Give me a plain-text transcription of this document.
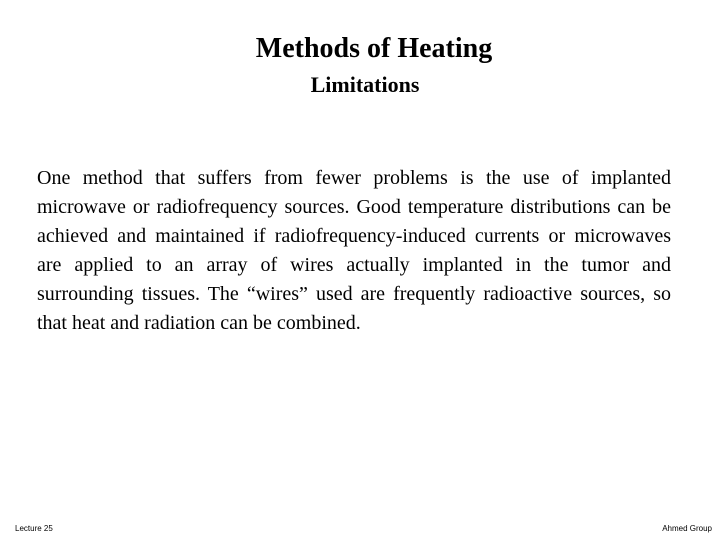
Methods of Heating
Limitations
One method that suffers from fewer problems is the use of implanted microwave or radiofrequency sources. Good temperature distributions can be achieved and maintained if radiofrequency-induced currents or microwaves are applied to an array of wires actually implanted in the tumor and surrounding tissues. The “wires” used are frequently radioactive sources, so that heat and radiation can be combined.
Lecture 25	Ahmed Group
